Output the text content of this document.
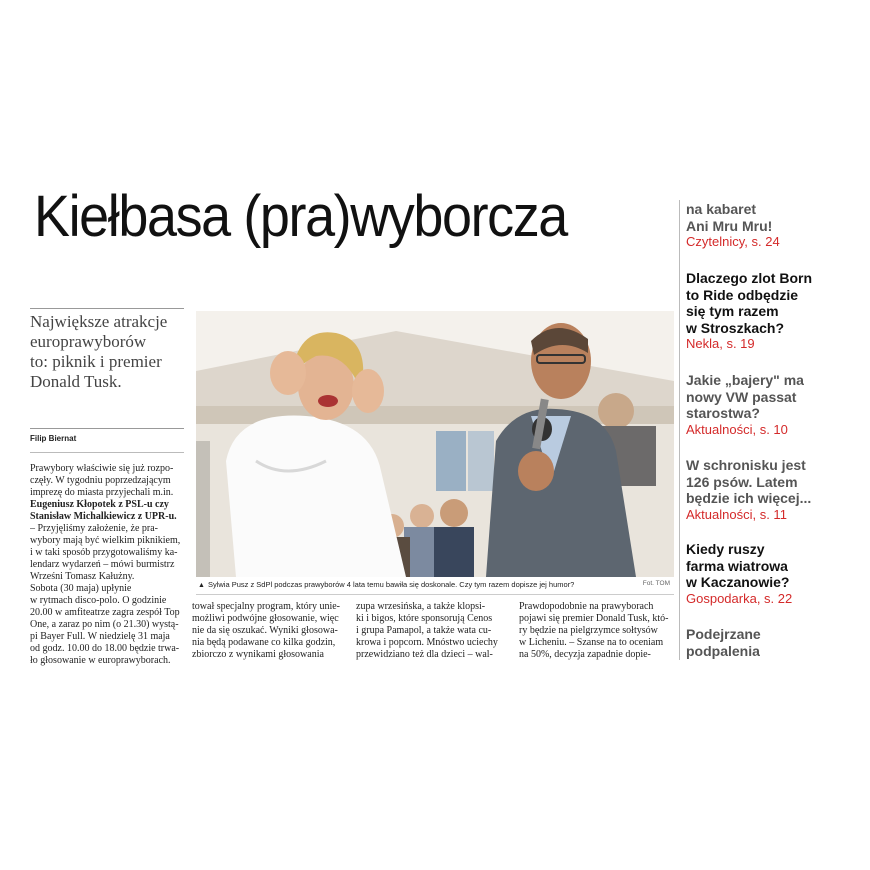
Kiełbasa (pra)wyborcza
Największe atrakcje
europrawyborów
to: piknik i premier
Donald Tusk.
Filip Biernat
Prawybory właściwie się już rozpo-
częły. W tygodniu poprzedzającym
imprezę do miasta przyjechali m.in.
Eugeniusz Kłopotek z PSL-u czy
Stanisław Michalkiewicz z UPR-u.
– Przyjęliśmy założenie, że pra-
wybory mają być wielkim piknikiem,
i w taki sposób przygotowaliśmy ka-
lendarz wydarzeń – mówi burmistrz
Wrześni Tomasz Kałużny.
Sobota (30 maja) upłynie
w rytmach disco-polo. O godzinie
20.00 w amfiteatrze zagra zespół Top
One, a zaraz po nim (o 21.30) wystą-
pi Bayer Full. W niedzielę 31 maja
od godz. 10.00 do 18.00 będzie trwa-
ło głosowanie w europrawyborach.
▲ Sylwia Pusz z SdPl podczas prawyborów 4 lata temu bawiła się doskonale. Czy tym razem dopisze jej humor?	Fot. TOM
tował specjalny program, który unie-
możliwi podwójne głosowanie, więc
nie da się oszukać. Wyniki głosowa-
nia będą podawane co kilka godzin,
zbiorczo z wynikami głosowania
zupa wrzesińska, a także klopsi-
ki i bigos, które sponsorują Cenos
i grupa Pamapol, a także wata cu-
krowa i popcorn. Mnóstwo uciechy
przewidziano też dla dzieci – wal-
Prawdopodobnie na prawyborach
pojawi się premier Donald Tusk, któ-
ry będzie na pielgrzymce sołtysów
w Licheniu. – Szanse na to oceniam
na 50%, decyzja zapadnie dopie-
na kabaret
Ani Mru Mru!
Czytelnicy, s. 24
Dlaczego zlot Born
to Ride odbędzie
się tym razem
w Stroszkach?
Nekla, s. 19
Jakie „bajery" ma
nowy VW passat
starostwa?
Aktualności, s. 10
W schronisku jest
126 psów. Latem
będzie ich więcej...
Aktualności, s. 11
Kiedy ruszy
farma wiatrowa
w Kaczanowie?
Gospodarka, s. 22
Podejrzane
podpalenia
